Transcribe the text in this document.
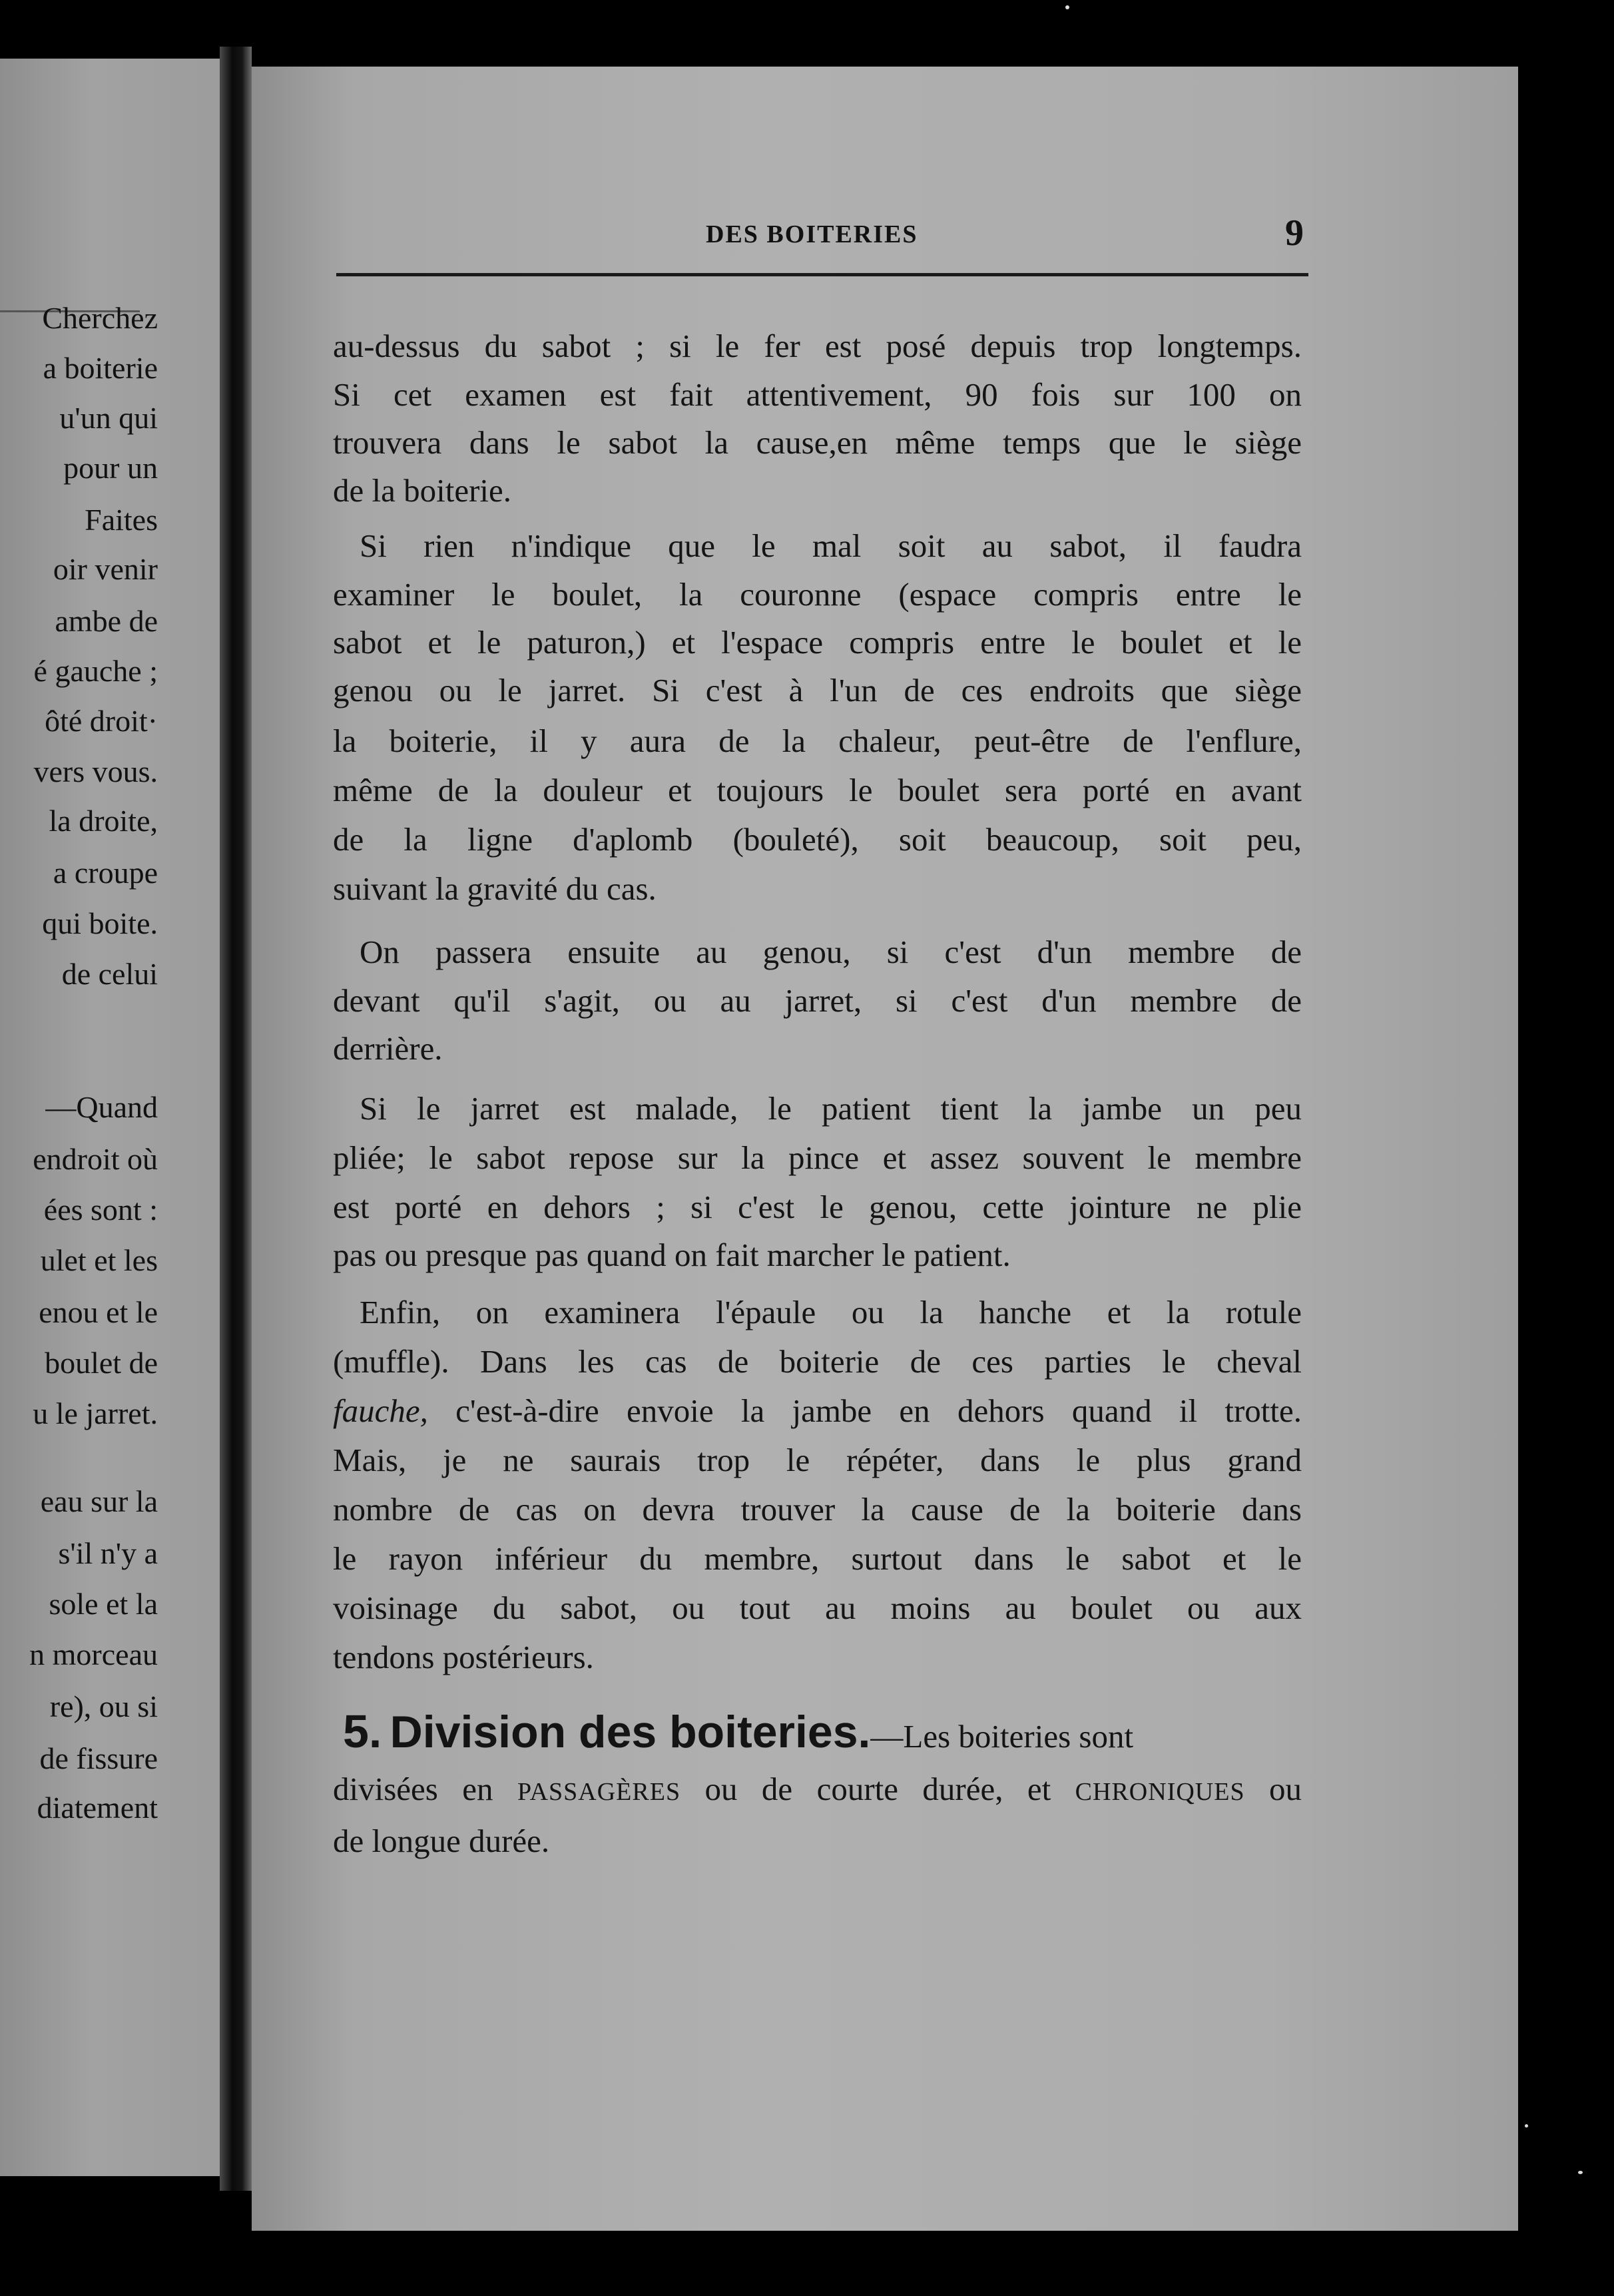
Cherchez
a boiterie
u'un qui
pour un
Faites
oir venir
ambe de
é gauche ;
ôté droit·
vers vous.
la droite,
a croupe
qui boite.
de celui
—Quand
endroit où
ées sont :
ulet et les
enou et le
boulet de
u le jarret.
eau sur la
s'il n'y a
sole et la
n morceau
re), ou si
de fissure
diatement
DES BOITERIES	9
au-dessus du sabot ; si le fer est posé depuis trop longtemps.
Si cet examen est fait attentivement, 90 fois sur 100 on
trouvera dans le sabot la cause,en même temps que le siège
de la boiterie.
Si rien n'indique que le mal soit au sabot, il faudra
examiner le boulet, la couronne (espace compris entre le
sabot et le paturon,) et l'espace compris entre le boulet et le
genou ou le jarret. Si c'est à l'un de ces endroits que siège
la boiterie, il y aura de la chaleur, peut-être de l'enflure,
même de la douleur et toujours le boulet sera porté en avant
de la ligne d'aplomb (bouleté), soit beaucoup, soit peu,
suivant la gravité du cas.
On passera ensuite au genou, si c'est d'un membre de
devant qu'il s'agit, ou au jarret, si c'est d'un membre de
derrière.
Si le jarret est malade, le patient tient la jambe un peu
pliée; le sabot repose sur la pince et assez souvent le membre
est porté en dehors ; si c'est le genou, cette jointure ne plie
pas ou presque pas quand on fait marcher le patient.
Enfin, on examinera l'épaule ou la hanche et la rotule
(muffle). Dans les cas de boiterie de ces parties le cheval
fauche, c'est-à-dire envoie la jambe en dehors quand il trotte.
Mais, je ne saurais trop le répéter, dans le plus grand
nombre de cas on devra trouver la cause de la boiterie dans
le rayon inférieur du membre, surtout dans le sabot et le
voisinage du sabot, ou tout au moins au boulet ou aux
tendons postérieurs.
5. Division des boiteries.—Les boiteries sont
divisées en PASSAGÈRES ou de courte durée, et CHRONIQUES ou
de longue durée.
